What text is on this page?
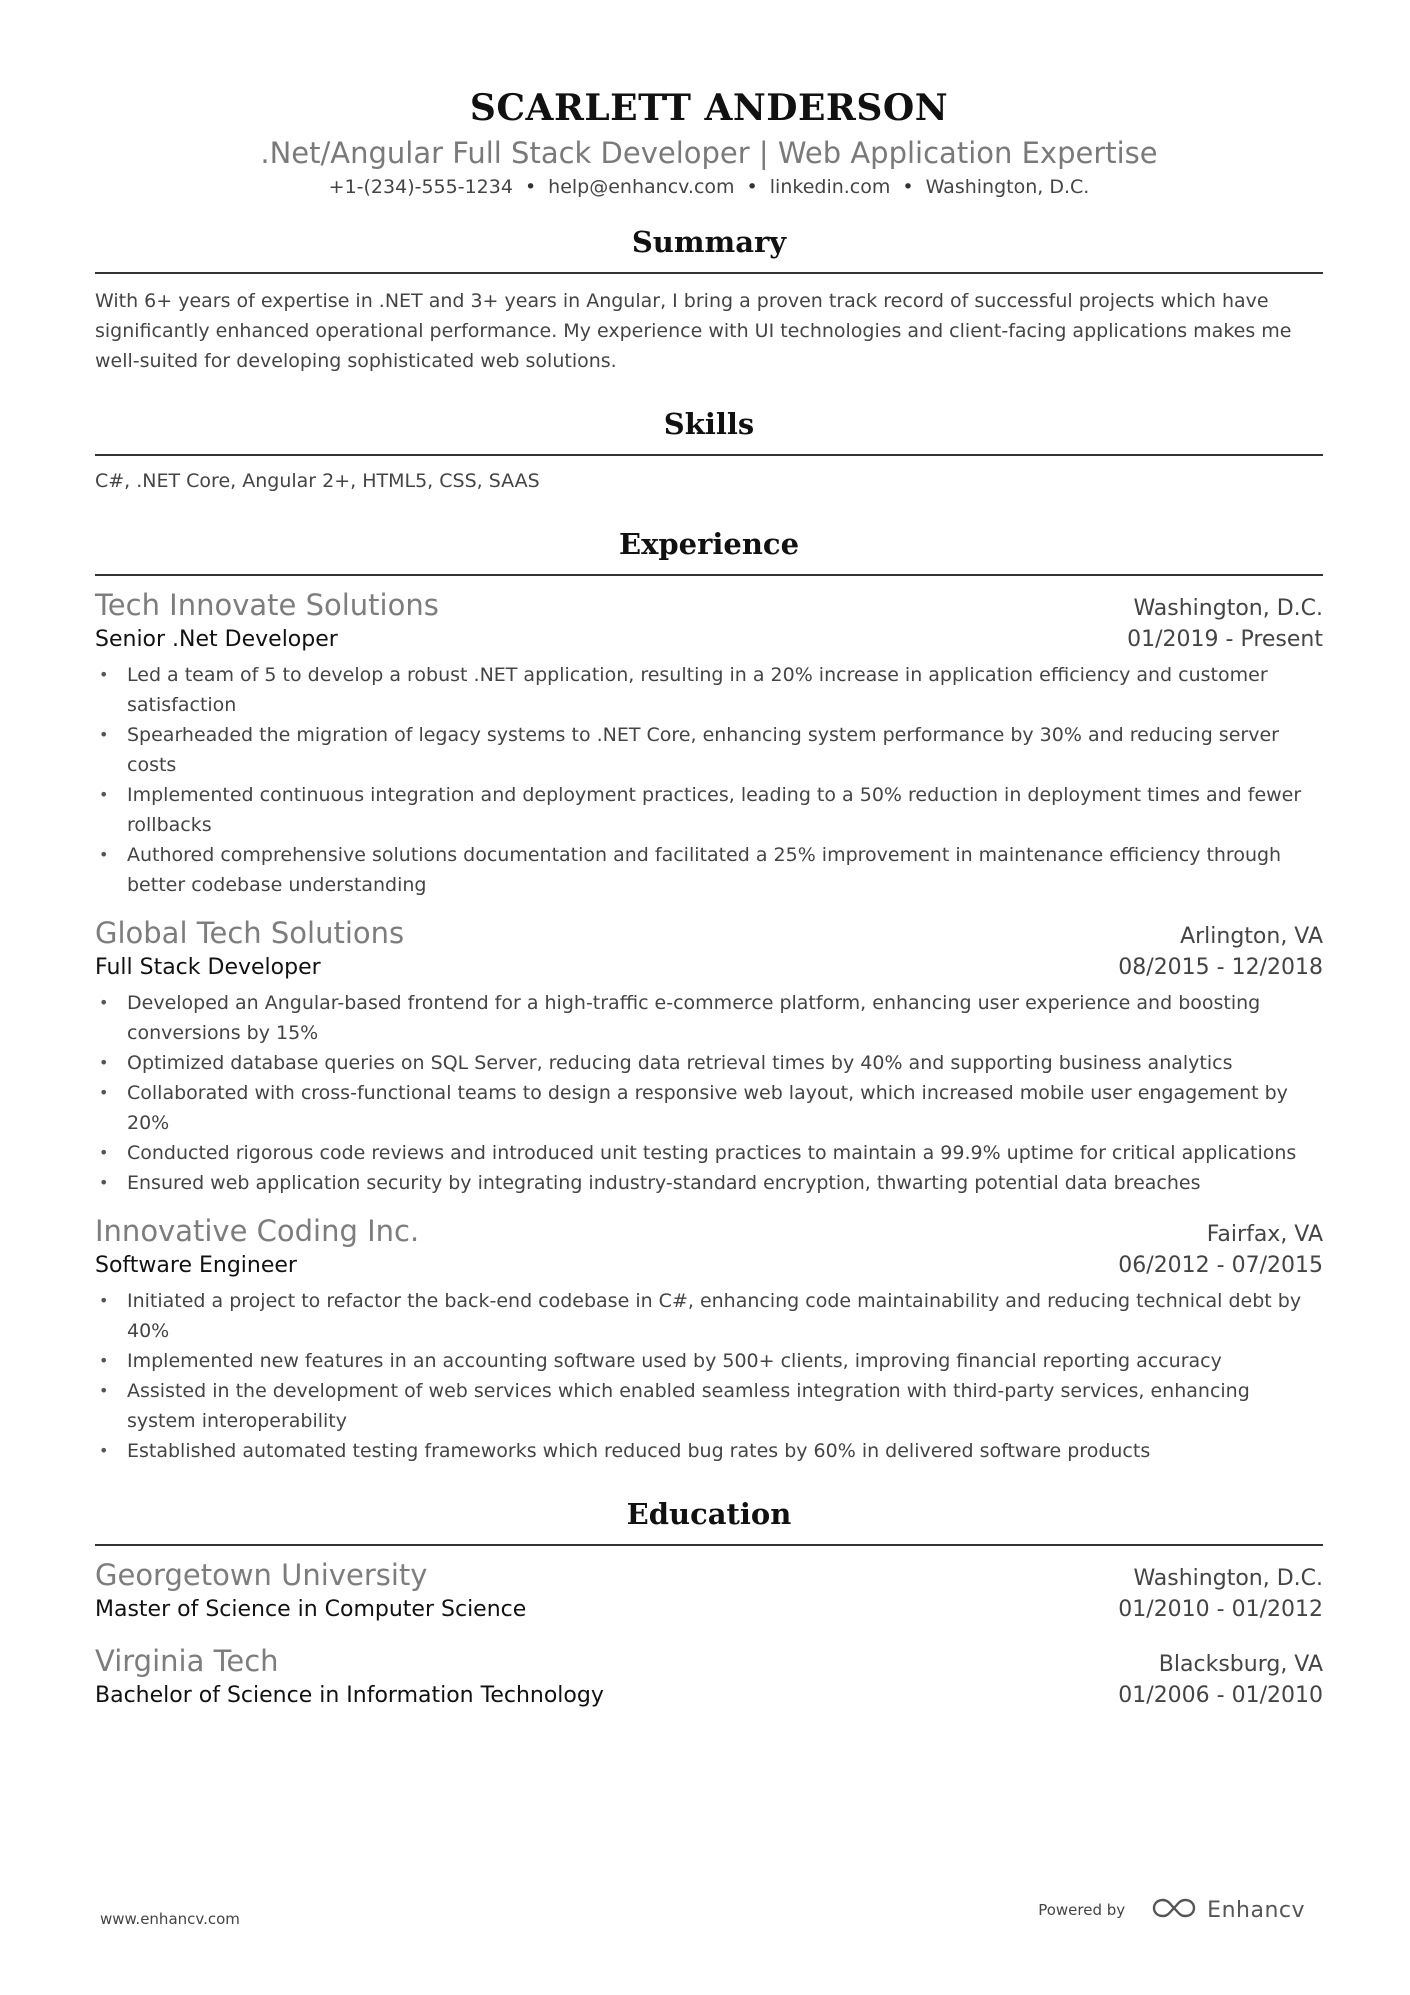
SCARLETT ANDERSON
.Net/Angular Full Stack Developer | Web Application Expertise
+1-(234)-555-1234 • help@enhancv.com • linkedin.com • Washington, D.C.
Summary
With 6+ years of expertise in .NET and 3+ years in Angular, I bring a proven track record of successful projects which have significantly enhanced operational performance. My experience with UI technologies and client-facing applications makes me well-suited for developing sophisticated web solutions.
Skills
C#, .NET Core, Angular 2+, HTML5, CSS, SAAS
Experience
Tech Innovate Solutions	Washington, D.C.
Senior .Net Developer	01/2019 - Present
• Led a team of 5 to develop a robust .NET application, resulting in a 20% increase in application efficiency and customer satisfaction
• Spearheaded the migration of legacy systems to .NET Core, enhancing system performance by 30% and reducing server costs
• Implemented continuous integration and deployment practices, leading to a 50% reduction in deployment times and fewer rollbacks
• Authored comprehensive solutions documentation and facilitated a 25% improvement in maintenance efficiency through better codebase understanding
Global Tech Solutions	Arlington, VA
Full Stack Developer	08/2015 - 12/2018
• Developed an Angular-based frontend for a high-traffic e-commerce platform, enhancing user experience and boosting conversions by 15%
• Optimized database queries on SQL Server, reducing data retrieval times by 40% and supporting business analytics
• Collaborated with cross-functional teams to design a responsive web layout, which increased mobile user engagement by 20%
• Conducted rigorous code reviews and introduced unit testing practices to maintain a 99.9% uptime for critical applications
• Ensured web application security by integrating industry-standard encryption, thwarting potential data breaches
Innovative Coding Inc.	Fairfax, VA
Software Engineer	06/2012 - 07/2015
• Initiated a project to refactor the back-end codebase in C#, enhancing code maintainability and reducing technical debt by 40%
• Implemented new features in an accounting software used by 500+ clients, improving financial reporting accuracy
• Assisted in the development of web services which enabled seamless integration with third-party services, enhancing system interoperability
• Established automated testing frameworks which reduced bug rates by 60% in delivered software products
Education
Georgetown University	Washington, D.C.
Master of Science in Computer Science	01/2010 - 01/2012
Virginia Tech	Blacksburg, VA
Bachelor of Science in Information Technology	01/2006 - 01/2010
www.enhancv.com	Powered by	Enhancv
